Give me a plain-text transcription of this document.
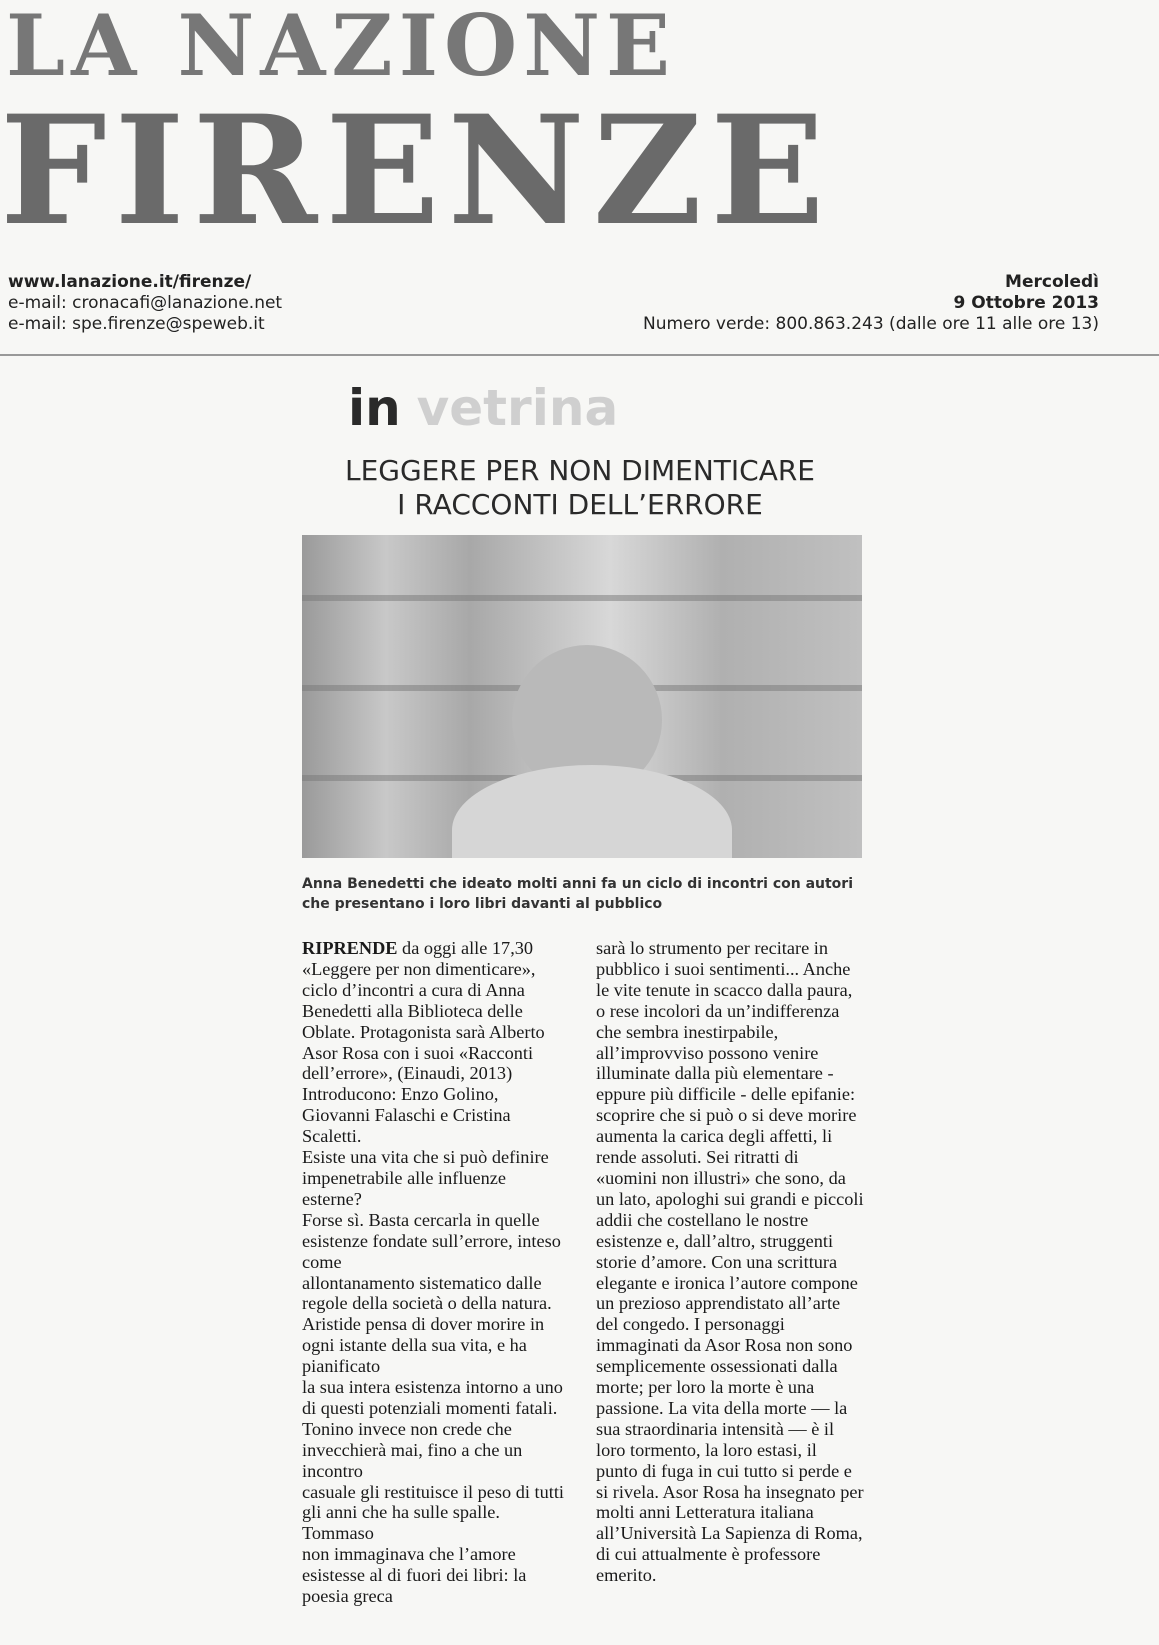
LA NAZIONE
FIRENZE
www.lanazione.it/firenze/
e-mail: cronacafi@lanazione.net
e-mail: spe.firenze@speweb.it
Mercoledì
9 Ottobre 2013
Numero verde: 800.863.243 (dalle ore 11 alle ore 13)
in vetrina
LEGGERE PER NON DIMENTICARE
I RACCONTI DELL’ERRORE
Anna Benedetti che ideato molti anni fa un ciclo di incontri con autori che presentano i loro libri davanti al pubblico

RIPRENDE da oggi alle 17,30 «Leggere per non dimenticare», ciclo d’incontri a cura di Anna Benedetti alla Biblioteca delle Oblate. Protagonista sarà Alberto Asor Rosa con i suoi «Racconti dell’errore», (Einaudi, 2013) Introducono: Enzo Golino, Giovanni Falaschi e Cristina Scaletti.

Esiste una vita che si può definire impenetrabile alle influenze esterne?

Forse sì. Basta cercarla in quelle esistenze fondate sull’errore, inteso come

allontanamento sistematico dalle regole della società o della natura. Aristide pensa di dover morire in ogni istante della sua vita, e ha pianificato

la sua intera esistenza intorno a uno di questi potenziali momenti fatali.

Tonino invece non crede che invecchierà mai, fino a che un incontro

casuale gli restituisce il peso di tutti gli anni che ha sulle spalle. Tommaso

non immaginava che l’amore esistesse al di fuori dei libri: la poesia greca

sarà lo strumento per recitare in pubblico i suoi sentimenti... Anche le vite tenute in scacco dalla paura, o rese incolori da un’indifferenza che sembra inestirpabile, all’improvviso possono venire illuminate dalla più elementare - eppure più difficile - delle epifanie: scoprire che si può o si deve morire aumenta la carica degli affetti, li rende assoluti. Sei ritratti di «uomini non illustri» che sono, da un lato, apologhi sui grandi e piccoli addii che costellano le nostre esistenze e, dall’altro, struggenti storie d’amore. Con una scrittura elegante e ironica l’autore compone un prezioso apprendistato all’arte del congedo. I personaggi immaginati da Asor Rosa non sono semplicemente ossessionati dalla morte; per loro la morte è una passione. La vita della morte — la sua straordinaria intensità — è il loro tormento, la loro estasi, il

punto di fuga in cui tutto si perde e si rivela. Asor Rosa ha insegnato per molti anni Letteratura italiana all’Università La Sapienza di Roma, di cui attualmente è professore emerito.
